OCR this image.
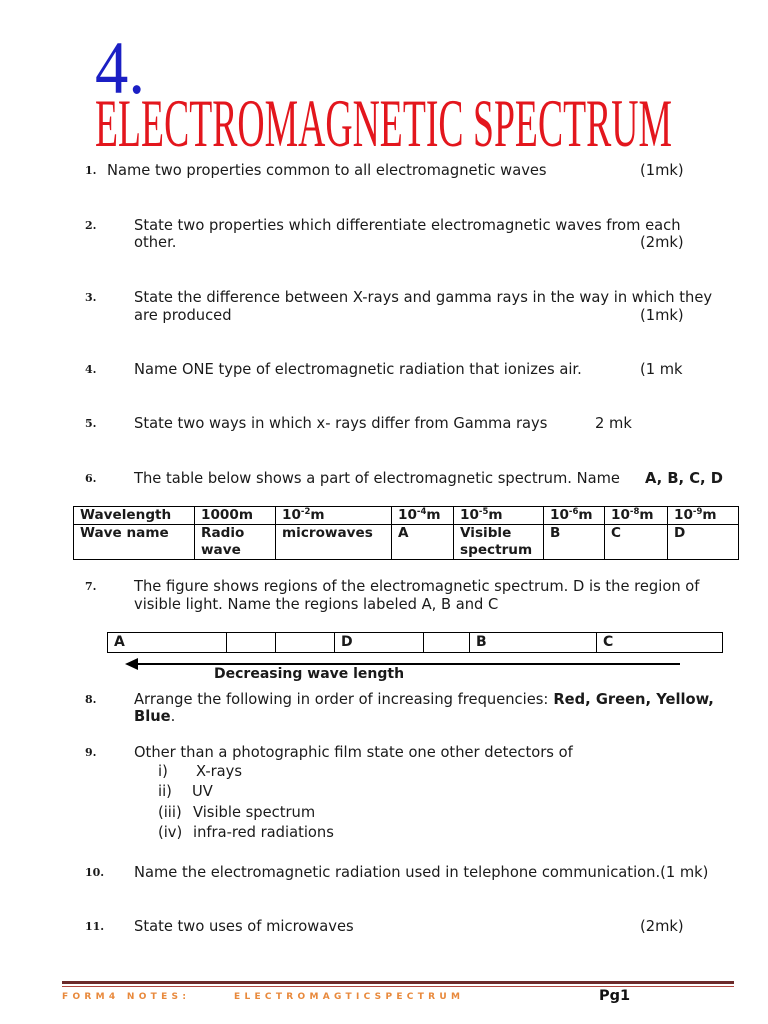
4.
ELECTROMAGNETIC SPECTRUM
1. Name two properties common to all electromagnetic waves	(1mk)
2.	State two properties which differentiate electromagnetic waves from each
other.	(2mk)
3.	State the difference between X-rays and gamma rays in the way in which they
are produced	(1mk)
4.	Name ONE type of electromagnetic radiation that ionizes air.	(1 mk
5.	State two ways in which x- rays differ from Gamma rays	2 mk
6.	The table below shows a part of electromagnetic spectrum. Name A, B, C, D
Wavelength	1000m	$10^{-2}m$	$10^{-4}m$	$10^{-5}m$	$10^{-6}m$	$10^{-8}m$	$10^{-9}m$
Wave name	Radio wave	microwaves	A	Visible spectrum	B	C	D
7.	The figure shows regions of the electromagnetic spectrum. D is the region of
visible light. Name the regions labeled A, B and C
A	D	B	C
Decreasing wave length
8.	Arrange the following in order of increasing frequencies: Red, Green, Yellow,
Blue.
9.	Other than a photographic film state one other detectors of
i) X-rays
ii) UV
(iii) Visible spectrum
(iv) infra-red radiations
10. Name the electromagnetic radiation used in telephone communication.(1 mk)
11. State two uses of microwaves	(2mk)
FORM4 NOTES:	ELECTROMAGTICSPECTRUM	Pg1
